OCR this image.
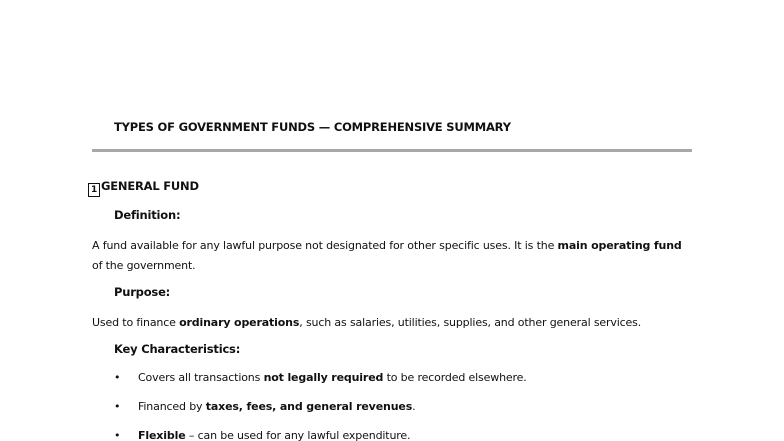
TYPES OF GOVERNMENT FUNDS — COMPREHENSIVE SUMMARY
1 GENERAL FUND
Definition:
A fund available for any lawful purpose not designated for other specific uses. It is the main operating fund of the government.
Purpose:
Used to finance ordinary operations, such as salaries, utilities, supplies, and other general services.
Key Characteristics:
• Covers all transactions not legally required to be recorded elsewhere.
• Financed by taxes, fees, and general revenues.
• Flexible – can be used for any lawful expenditure.
